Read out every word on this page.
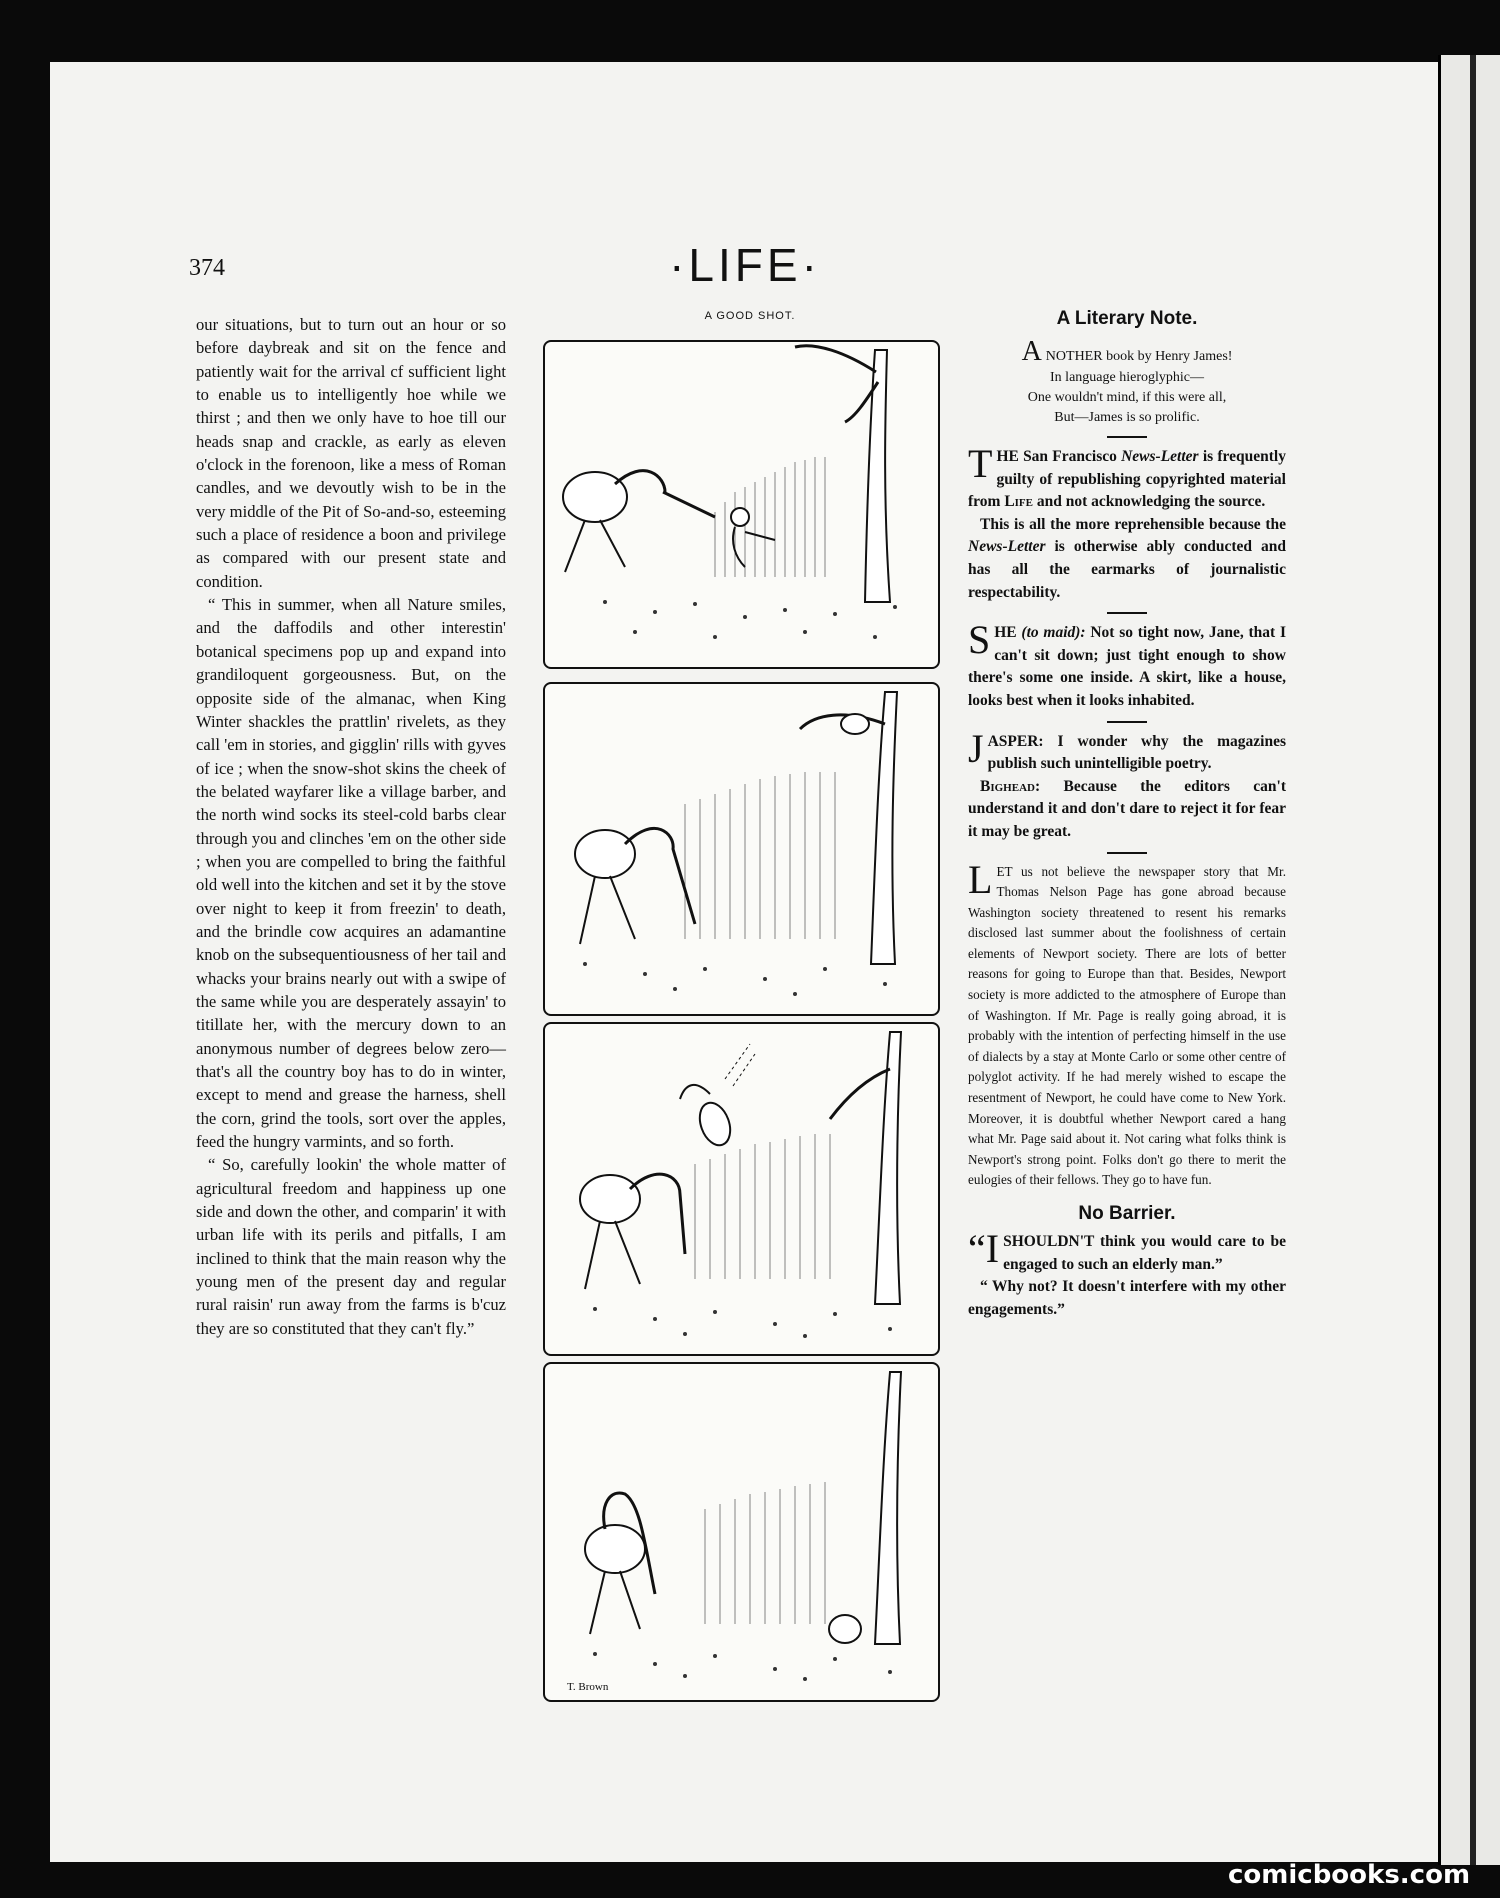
374	·LIFE·

our situations, but to turn out an hour or so before daybreak and sit on the fence and patiently wait for the arrival cf sufficient light to enable us to intelligently hoe while we thirst ; and then we only have to hoe till our heads snap and crackle, as early as eleven o'clock in the forenoon, like a mess of Roman candles, and we devoutly wish to be in the very middle of the Pit of So-and-so, esteeming such a place of residence a boon and privilege as compared with our present state and condition.

“ This in summer, when all Nature smiles, and the daffodils and other interestin' botanical specimens pop up and expand into grandiloquent gorgeousness. But, on the opposite side of the almanac, when King Winter shackles the prattlin' rivelets, as they call 'em in stories, and gigglin' rills with gyves of ice ; when the snow-shot skins the cheek of the belated wayfarer like a village barber, and the north wind socks its steel-cold barbs clear through you and clinches 'em on the other side ; when you are compelled to bring the faithful old well into the kitchen and set it by the stove over night to keep it from freezin' to death, and the brindle cow acquires an adamantine knob on the subsequentiousness of her tail and whacks your brains nearly out with a swipe of the same while you are desperately assayin' to titillate her, with the mercury down to an anonymous number of degrees below zero—that's all the country boy has to do in winter, except to mend and grease the harness, shell the corn, grind the tools, sort over the apples, feed the hungry varmints, and so forth.

“ So, carefully lookin' the whole matter of agricultural freedom and happiness up one side and down the other, and comparin' it with urban life with its perils and pitfalls, I am inclined to think that the main reason why the young men of the present day and regular rural raisin' run away from the farms is b'cuz they are so constituted that they can't fly.”

A GOOD SHOT.
T. Brown
A Literary Note.
ANOTHER book by Henry James!
In language hieroglyphic—
One wouldn't mind, if this were all,
But—James is so prolific.

THE San Francisco News-Letter is frequently guilty of republishing copyrighted material from Life and not acknowledging the source.

This is all the more reprehensible because the News-Letter is otherwise ably conducted and has all the earmarks of journalistic respectability.

SHE (to maid): Not so tight now, Jane, that I can't sit down; just tight enough to show there's some one inside. A skirt, like a house, looks best when it looks inhabited.

JASPER: I wonder why the magazines publish such unintelligible poetry.

Bighead: Because the editors can't understand it and don't dare to reject it for fear it may be great.

LET us not believe the newspaper story that Mr. Thomas Nelson Page has gone abroad because Washington society threatened to resent his remarks disclosed last summer about the foolishness of certain elements of Newport society. There are lots of better reasons for going to Europe than that. Besides, Newport society is more addicted to the atmosphere of Europe than of Washington. If Mr. Page is really going abroad, it is probably with the intention of perfecting himself in the use of dialects by a stay at Monte Carlo or some other centre of polyglot activity. If he had merely wished to escape the resentment of Newport, he could have come to New York. Moreover, it is doubtful whether Newport cared a hang what Mr. Page said about it. Not caring what folks think is Newport's strong point. Folks don't go there to merit the eulogies of their fellows. They go to have fun.

No Barrier.

“I SHOULDN'T think you would care to be engaged to such an elderly man.”

“ Why not? It doesn't interfere with my other engagements.”

comicbooks.com
